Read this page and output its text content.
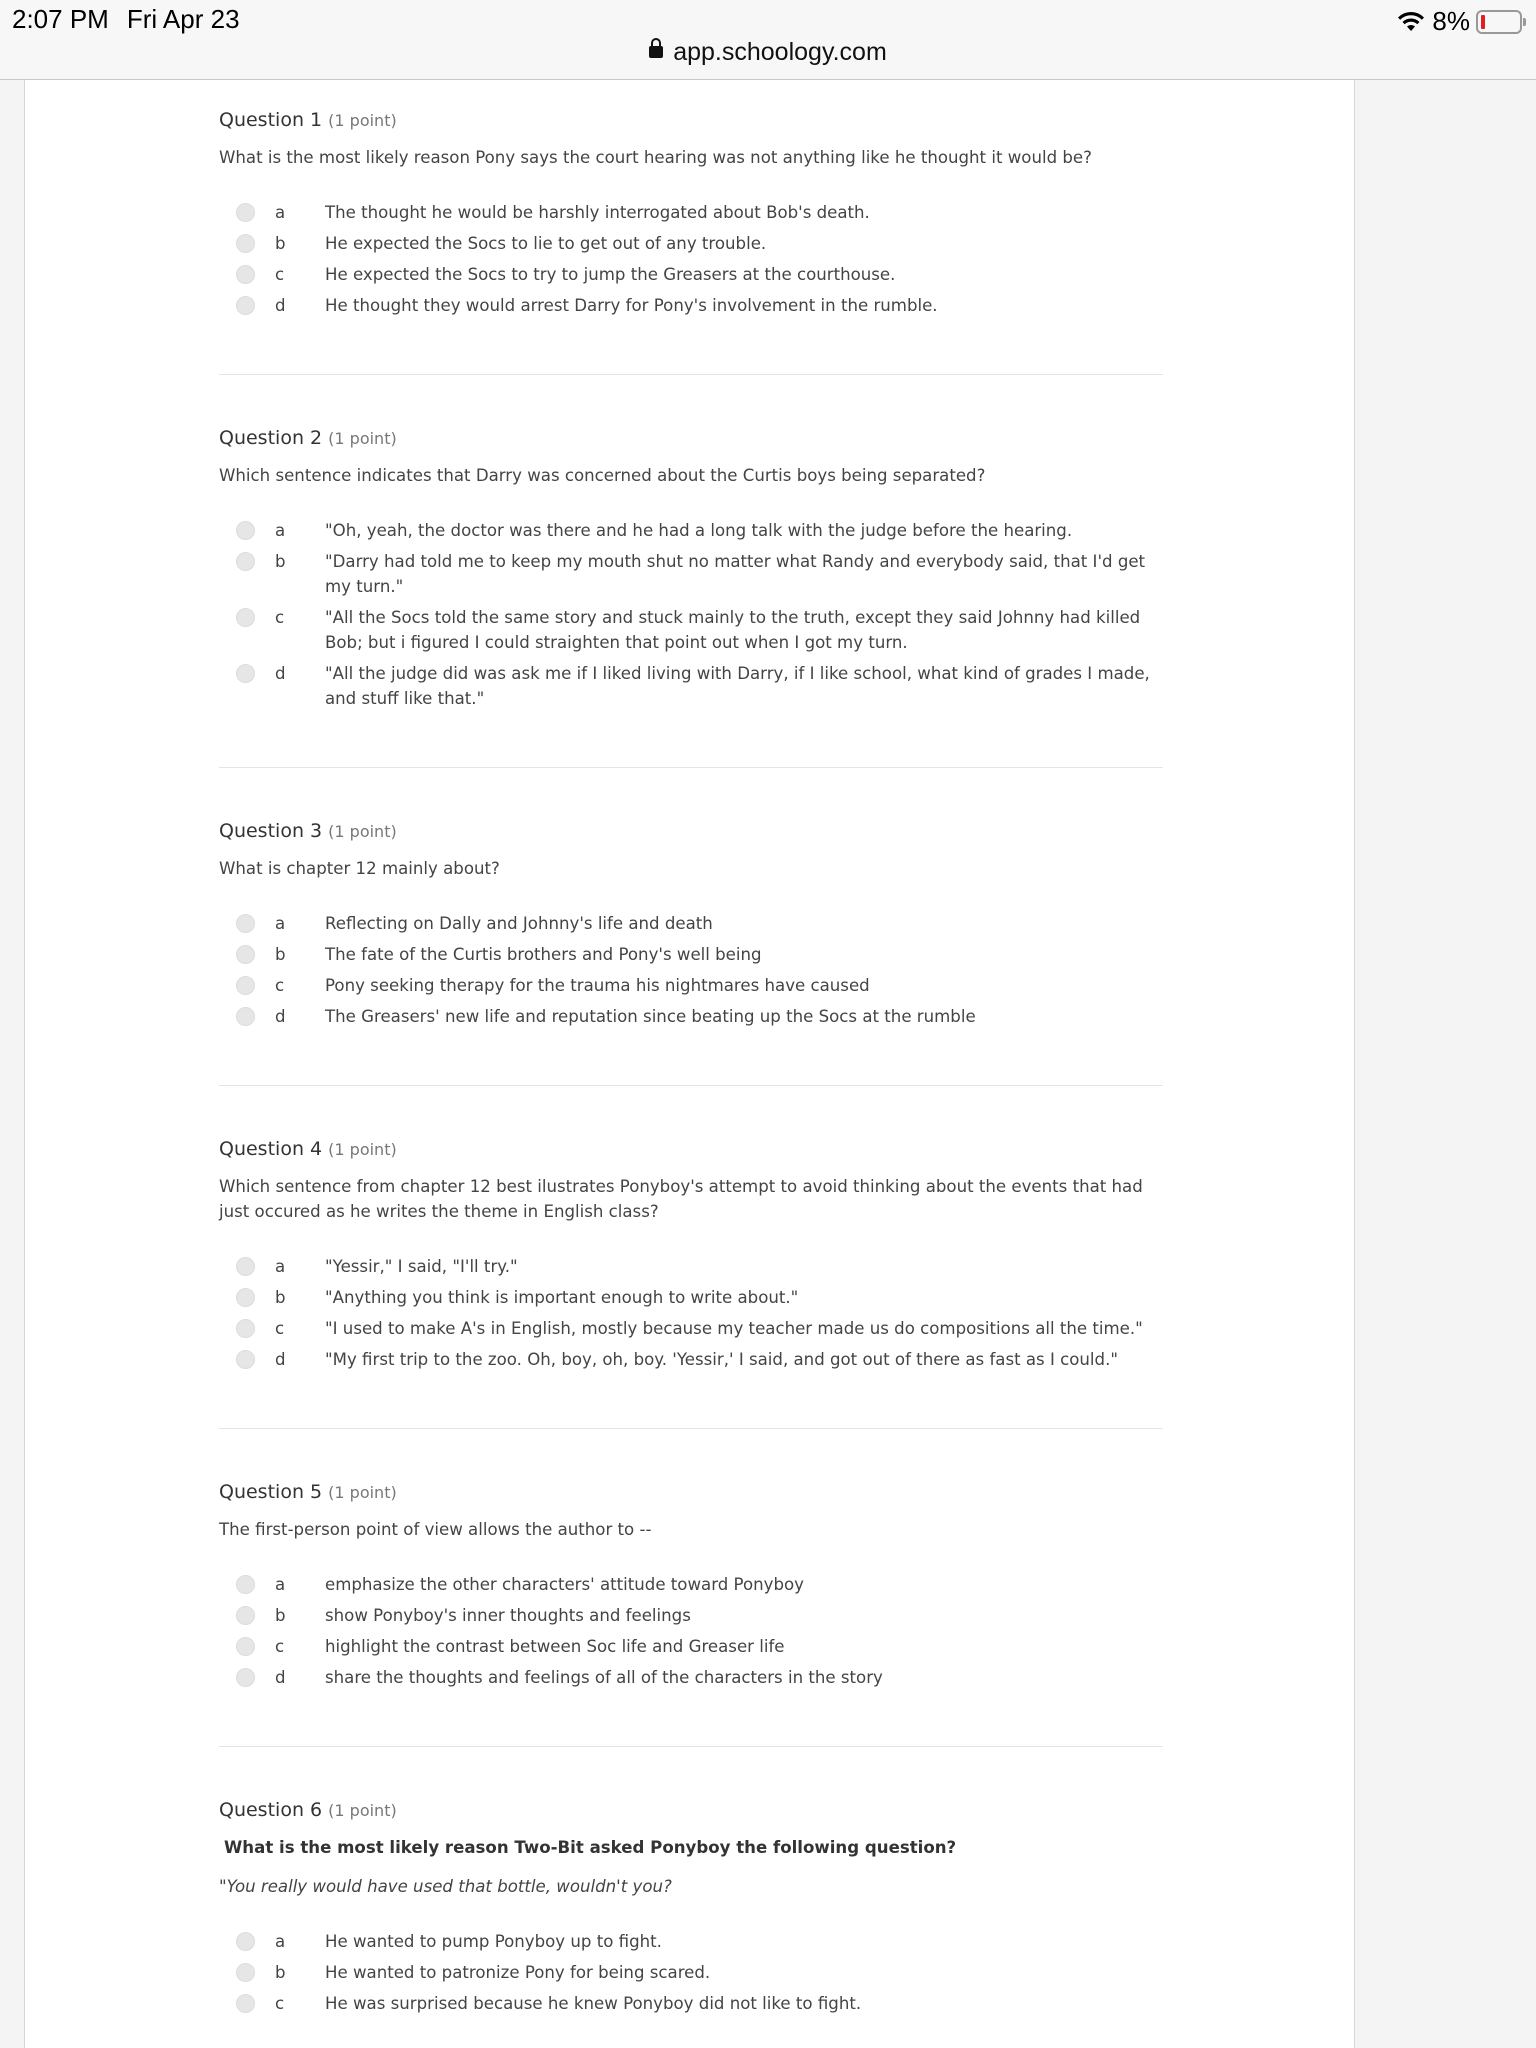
2:07 PM Fri Apr 23	8%
app.schoology.com
Question 1 (1 point)
What is the most likely reason Pony says the court hearing was not anything like he thought it would be?
a	The thought he would be harshly interrogated about Bob's death.
b	He expected the Socs to lie to get out of any trouble.
c	He expected the Socs to try to jump the Greasers at the courthouse.
d	He thought they would arrest Darry for Pony's involvement in the rumble.
Question 2 (1 point)
Which sentence indicates that Darry was concerned about the Curtis boys being separated?
a	"Oh, yeah, the doctor was there and he had a long talk with the judge before the hearing.
b	"Darry had told me to keep my mouth shut no matter what Randy and everybody said, that I'd get my turn."
c	"All the Socs told the same story and stuck mainly to the truth, except they said Johnny had killed Bob; but i figured I could straighten that point out when I got my turn.
d	"All the judge did was ask me if I liked living with Darry, if I like school, what kind of grades I made, and stuff like that."
Question 3 (1 point)
What is chapter 12 mainly about?
a	Reflecting on Dally and Johnny's life and death
b	The fate of the Curtis brothers and Pony's well being
c	Pony seeking therapy for the trauma his nightmares have caused
d	The Greasers' new life and reputation since beating up the Socs at the rumble
Question 4 (1 point)
Which sentence from chapter 12 best ilustrates Ponyboy's attempt to avoid thinking about the events that had just occured as he writes the theme in English class?
a	"Yessir," I said, "I'll try."
b	"Anything you think is important enough to write about."
c	"I used to make A's in English, mostly because my teacher made us do compositions all the time."
d	"My first trip to the zoo. Oh, boy, oh, boy. 'Yessir,' I said, and got out of there as fast as I could."
Question 5 (1 point)
The first-person point of view allows the author to --
a	emphasize the other characters' attitude toward Ponyboy
b	show Ponyboy's inner thoughts and feelings
c	highlight the contrast between Soc life and Greaser life
d	share the thoughts and feelings of all of the characters in the story
Question 6 (1 point)
What is the most likely reason Two-Bit asked Ponyboy the following question?
"You really would have used that bottle, wouldn't you?
a	He wanted to pump Ponyboy up to fight.
b	He wanted to patronize Pony for being scared.
c	He was surprised because he knew Ponyboy did not like to fight.
